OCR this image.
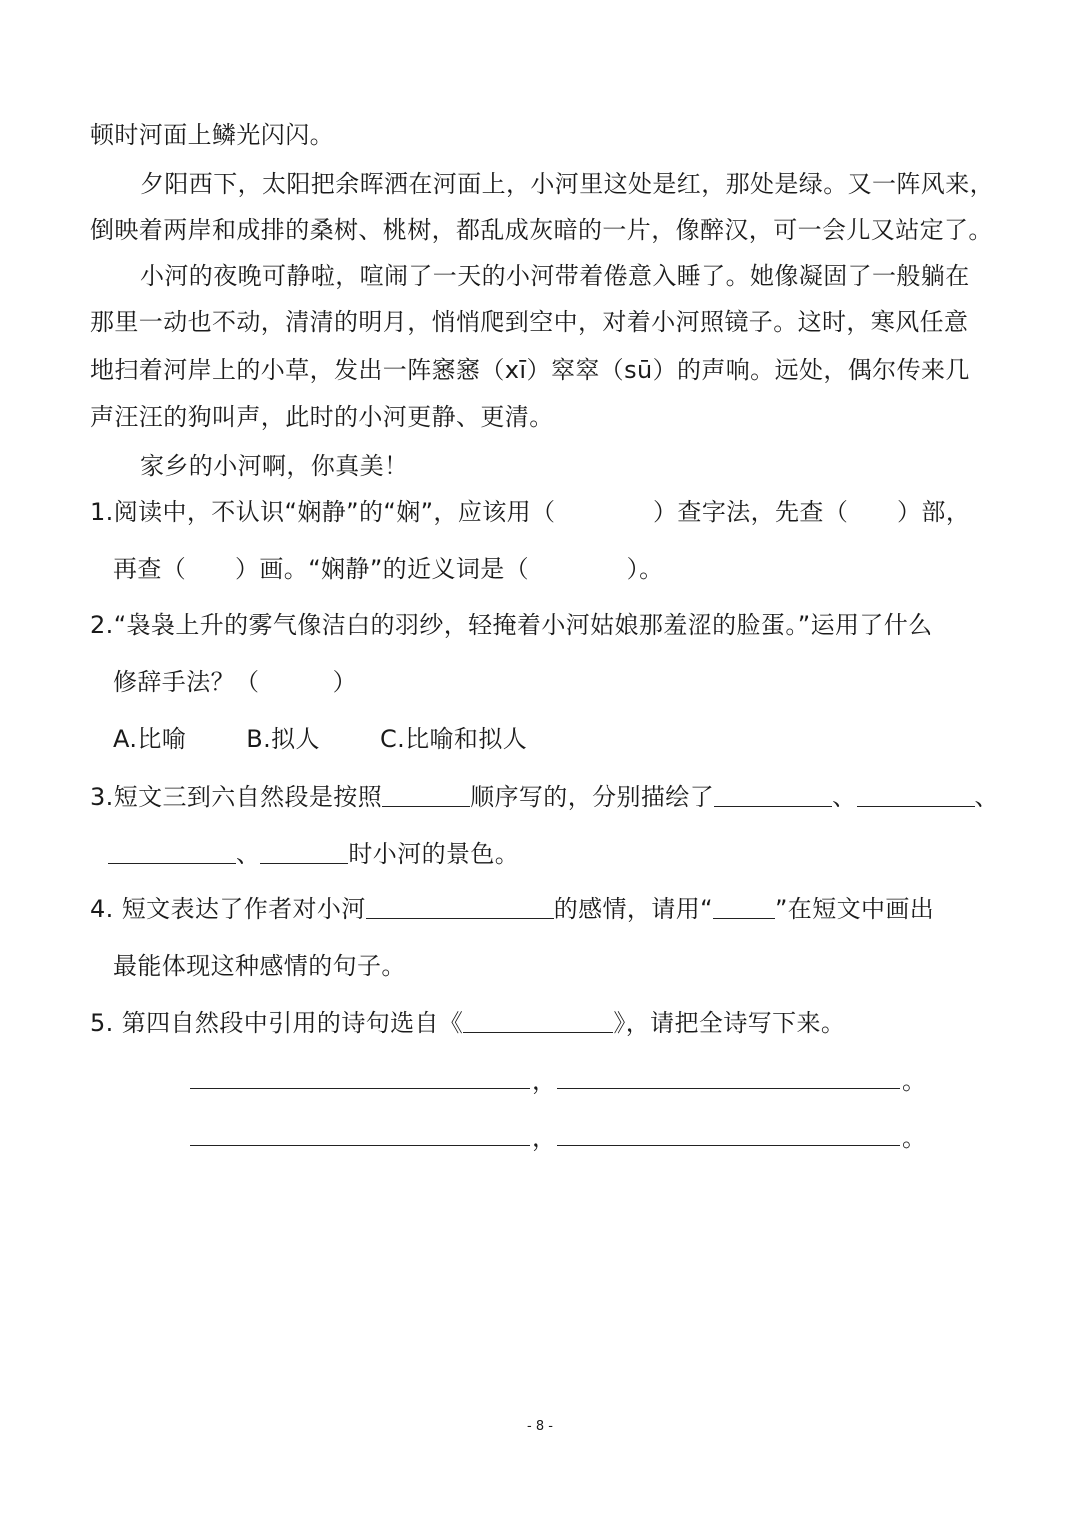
顿时河面上鳞光闪闪。
夕阳西下，太阳把余晖洒在河面上，小河里这处是红，那处是绿。又一阵风来，
倒映着两岸和成排的桑树、桃树，都乱成灰暗的一片，像醉汉，可一会儿又站定了。
小河的夜晚可静啦，喧闹了一天的小河带着倦意入睡了。她像凝固了一般躺在
那里一动也不动，清清的明月，悄悄爬到空中，对着小河照镜子。这时，寒风任意
地扫着河岸上的小草，发出一阵窸窸（xī）窣窣（sū）的声响。远处，偶尔传来几
声汪汪的狗叫声，此时的小河更静、更清。
家乡的小河啊，你真美！
1.阅读中，不认识“娴静”的“娴”，应该用（　　　　）查字法，先查（　　）部，
再查（　　）画。“娴静”的近义词是（　　　　）。
2.“袅袅上升的雾气像洁白的羽纱，轻掩着小河姑娘那羞涩的脸蛋。”运用了什么
修辞手法？（　　　）
A.比喻	B.拟人	C.比喻和拟人
3.短文三到六自然段是按照	顺序写的，分别描绘了	、	、
、	时小河的景色。
4. 短文表达了作者对小河	的感情，请用“	”在短文中画出
最能体现这种感情的句子。
5. 第四自然段中引用的诗句选自《	》，请把全诗写下来。
，	。
，	。
- 8 -
